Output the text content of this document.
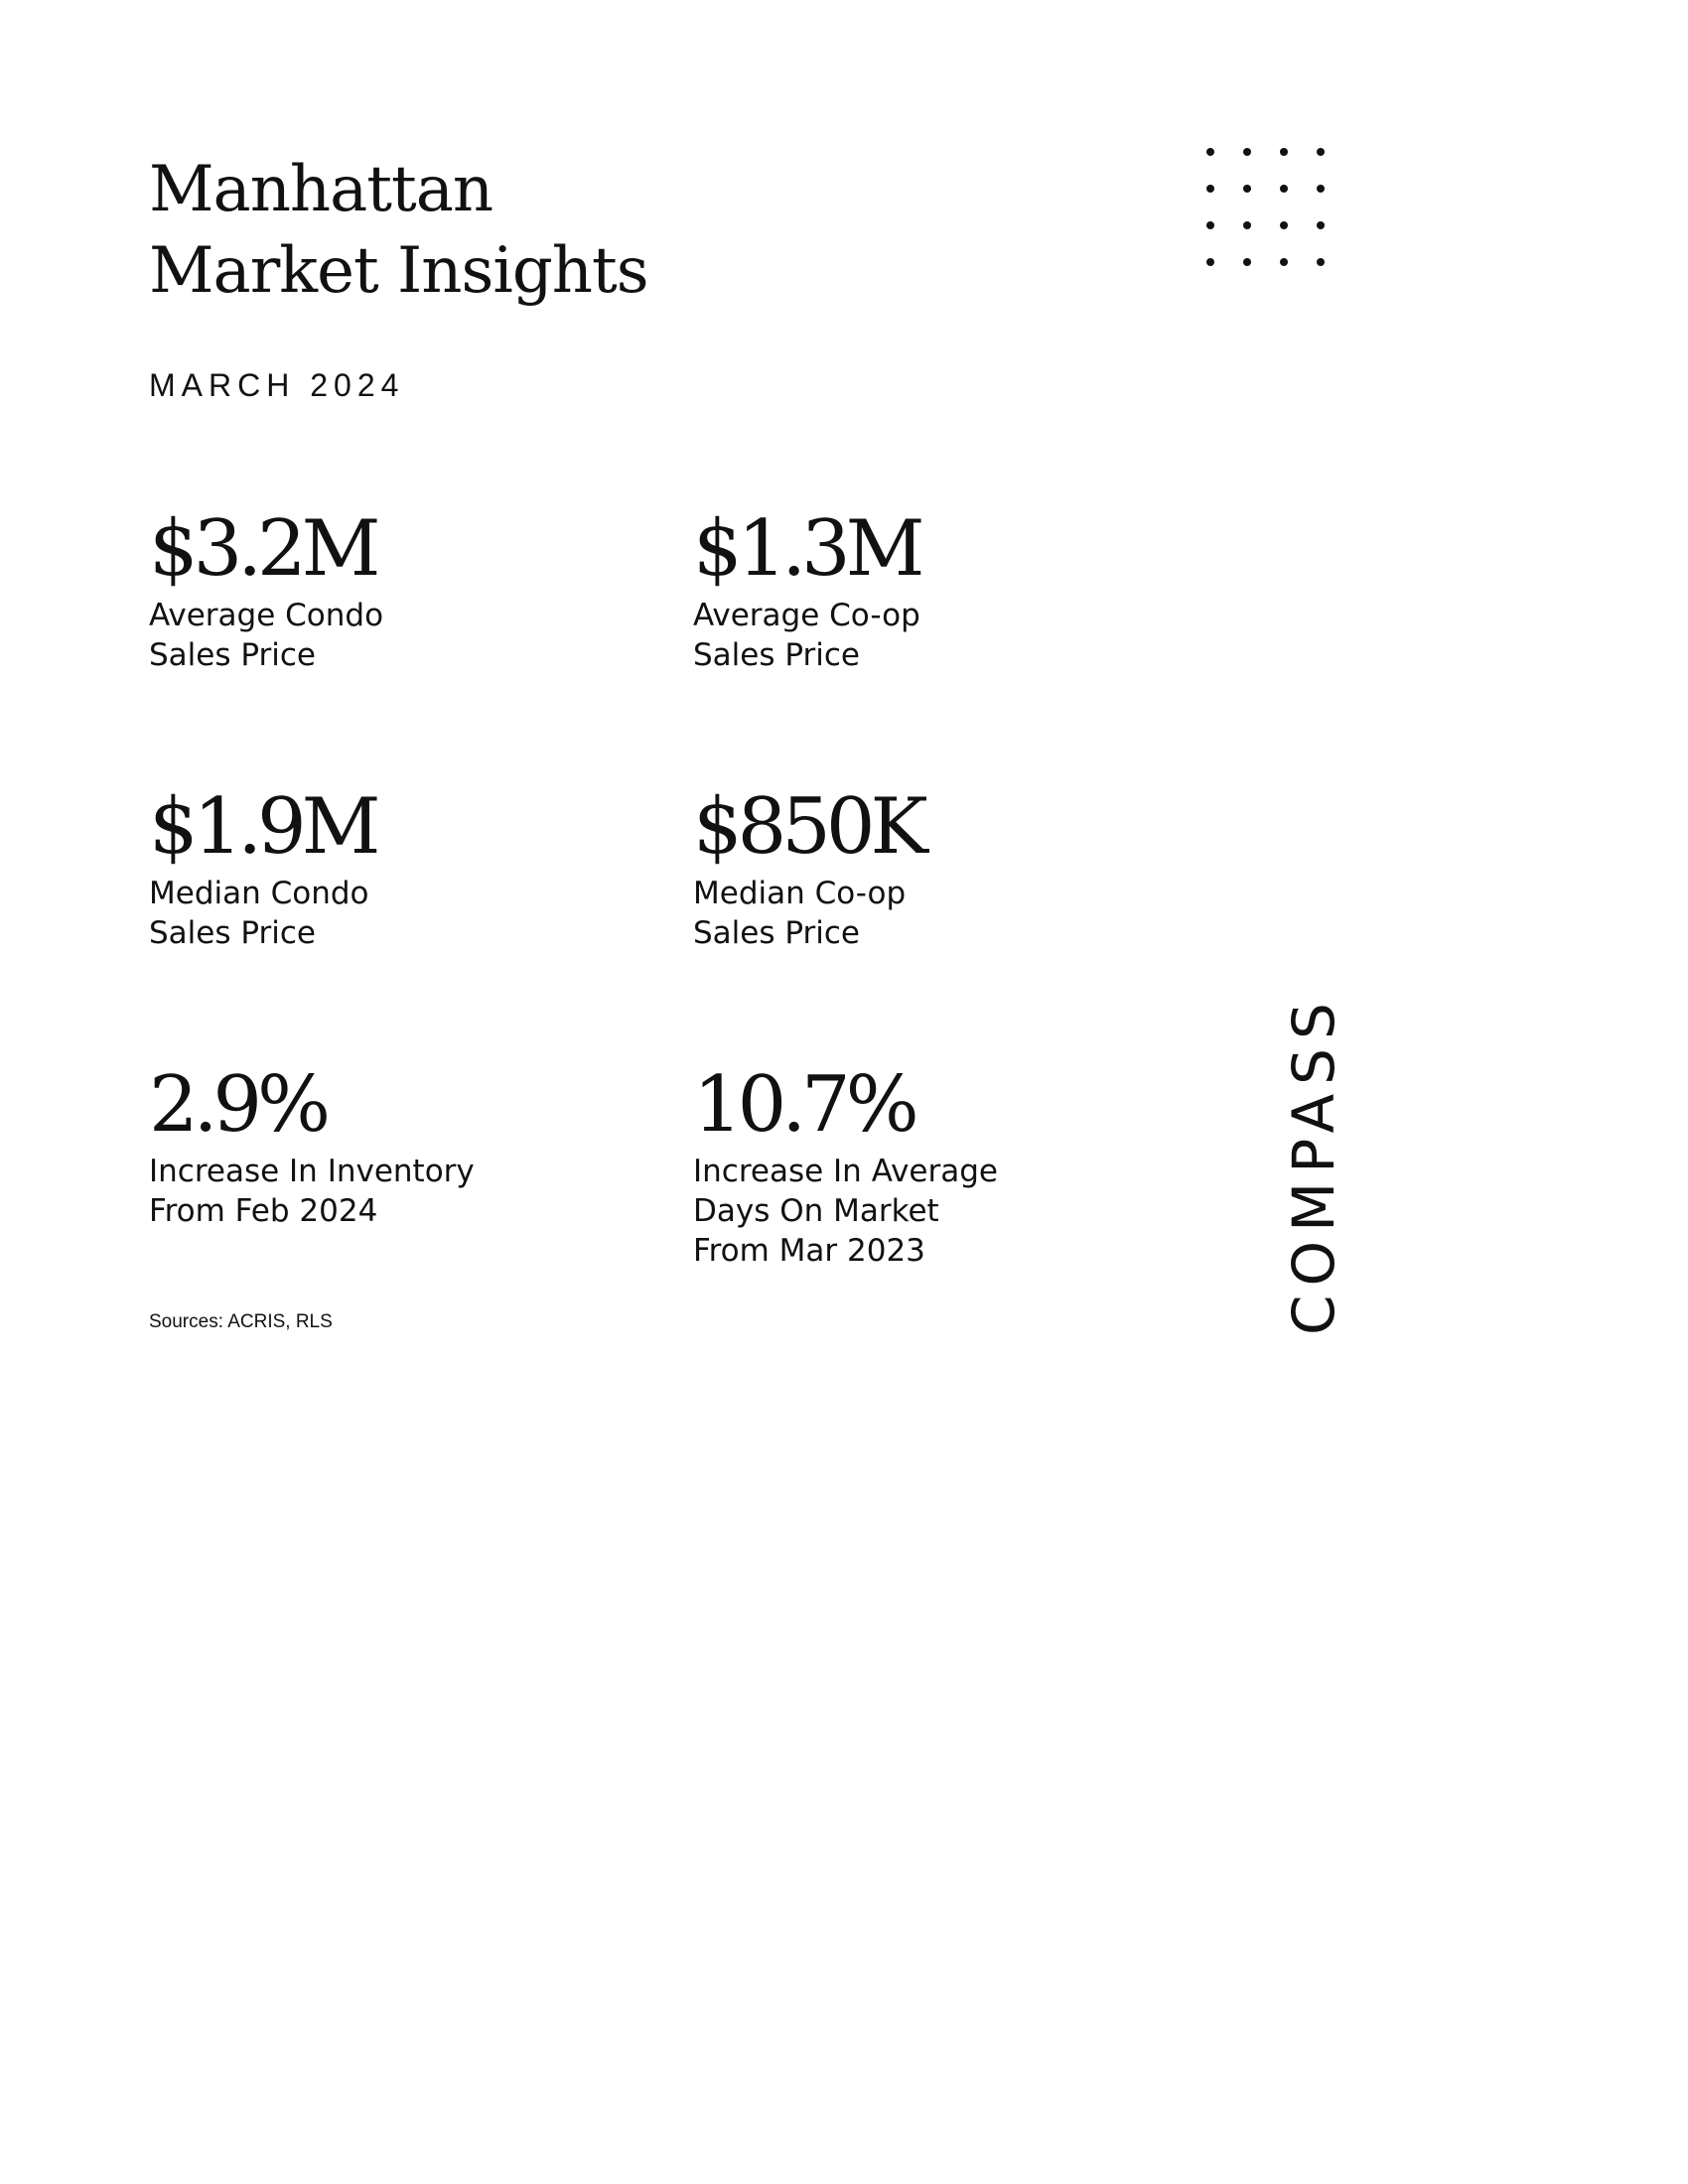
Manhattan
Market Insights
MARCH 2024
$3.2M
Average Condo
Sales Price
$1.3M
Average Co-op
Sales Price
$1.9M
Median Condo
Sales Price
$850K
Median Co-op
Sales Price
2.9%
Increase In Inventory
From Feb 2024
10.7%
Increase In Average
Days On Market
From Mar 2023
Sources: ACRIS, RLS	COMPASS
